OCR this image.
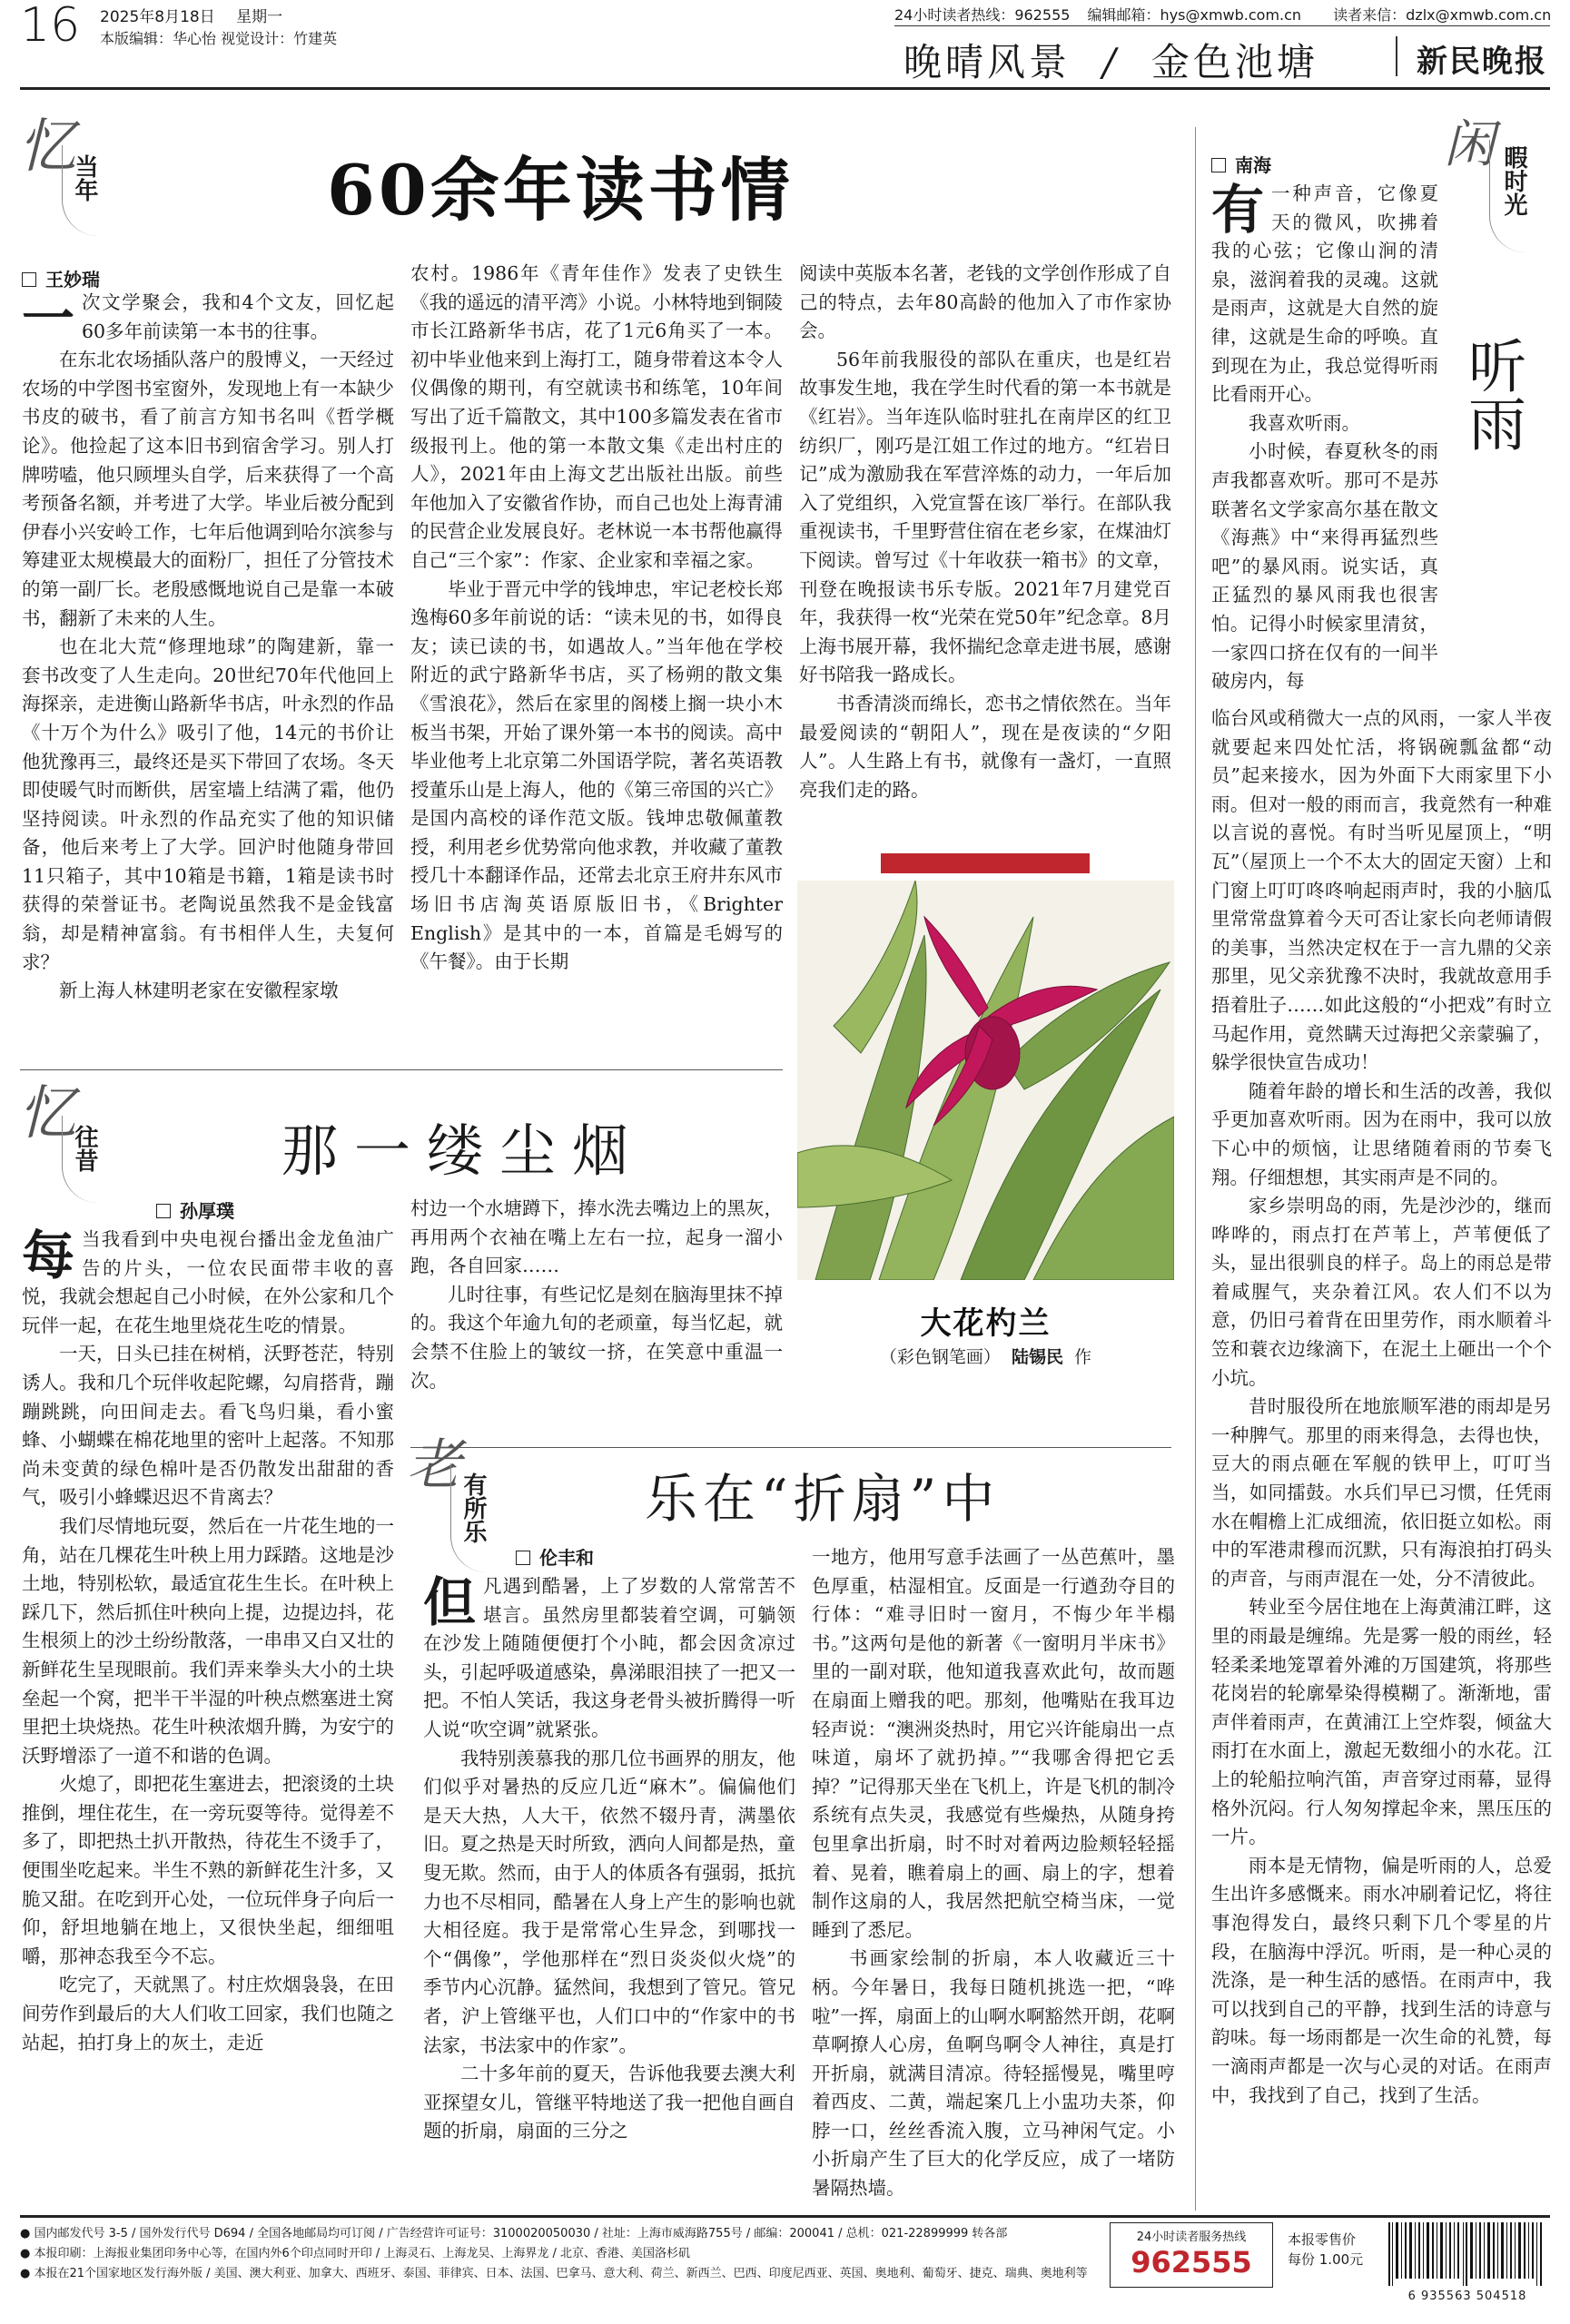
16 2025年8月18日 星期一
本版编辑：华心怡 视觉设计：竹建英
24小时读者热线：962555 编辑邮箱：hys@xmwb.com.cn 读者来信：dzlx@xmwb.com.cn
晚晴风景 / 金色池塘	新民晚报
忆
当年	60余年读书情
王妙瑞

一次文学聚会，我和4个文友，回忆起60多年前读第一本书的往事。

在东北农场插队落户的殷博义，一天经过农场的中学图书室窗外，发现地上有一本缺少书皮的破书，看了前言方知书名叫《哲学概论》。他捡起了这本旧书到宿舍学习。别人打牌唠嗑，他只顾埋头自学，后来获得了一个高考预备名额，并考进了大学。毕业后被分配到伊春小兴安岭工作，七年后他调到哈尔滨参与筹建亚太规模最大的面粉厂，担任了分管技术的第一副厂长。老殷感慨地说自己是靠一本破书，翻新了未来的人生。

也在北大荒“修理地球”的陶建新，靠一套书改变了人生走向。20世纪70年代他回上海探亲，走进衡山路新华书店，叶永烈的作品《十万个为什么》吸引了他，14元的书价让他犹豫再三，最终还是买下带回了农场。冬天即使暖气时而断供，居室墙上结满了霜，他仍坚持阅读。叶永烈的作品充实了他的知识储备，他后来考上了大学。回沪时他随身带回11只箱子，其中10箱是书籍，1箱是读书时获得的荣誉证书。老陶说虽然我不是金钱富翁，却是精神富翁。有书相伴人生，夫复何求？

新上海人林建明老家在安徽程家墩

农村。1986年《青年佳作》发表了史铁生《我的遥远的清平湾》小说。小林特地到铜陵市长江路新华书店，花了1元6角买了一本。初中毕业他来到上海打工，随身带着这本令人仪偶像的期刊，有空就读书和练笔，10年间写出了近千篇散文，其中100多篇发表在省市级报刊上。他的第一本散文集《走出村庄的人》，2021年由上海文艺出版社出版。前些年他加入了安徽省作协，而自己也处上海青浦的民营企业发展良好。老林说一本书帮他赢得自己“三个家”：作家、企业家和幸福之家。

毕业于晋元中学的钱坤忠，牢记老校长郑逸梅60多年前说的话：“读未见的书，如得良友；读已读的书，如遇故人。”当年他在学校附近的武宁路新华书店，买了杨朔的散文集《雪浪花》，然后在家里的阁楼上搁一块小木板当书架，开始了课外第一本书的阅读。高中毕业他考上北京第二外国语学院，著名英语教授董乐山是上海人，他的《第三帝国的兴亡》是国内高校的译作范文版。钱坤忠敬佩董教授，利用老乡优势常向他求教，并收藏了董教授几十本翻译作品，还常去北京王府井东风市场旧书店淘英语原版旧书，《Brighter English》是其中的一本，首篇是毛姆写的《午餐》。由于长期

阅读中英版本名著，老钱的文学创作形成了自己的特点，去年80高龄的他加入了市作家协会。

56年前我服役的部队在重庆，也是红岩故事发生地，我在学生时代看的第一本书就是《红岩》。当年连队临时驻扎在南岸区的红卫纺织厂，刚巧是江姐工作过的地方。“红岩日记”成为激励我在军营淬炼的动力，一年后加入了党组织，入党宣誓在该厂举行。在部队我重视读书，千里野营住宿在老乡家，在煤油灯下阅读。曾写过《十年收获一箱书》的文章，刊登在晚报读书乐专版。2021年7月建党百年，我获得一枚“光荣在党50年”纪念章。8月上海书展开幕，我怀揣纪念章走进书展，感谢好书陪我一路成长。

书香清淡而绵长，恋书之情依然在。当年最爱阅读的“朝阳人”，现在是夜读的“夕阳人”。人生路上有书，就像有一盏灯，一直照亮我们走的路。

大花杓兰
（彩色钢笔画） 陆锡民 作
忆
往昔	那一缕尘烟
孙厚璞

每当我看到中央电视台播出金龙鱼油广告的片头，一位农民面带丰收的喜悦，我就会想起自己小时候，在外公家和几个玩伴一起，在花生地里烧花生吃的情景。

一天，日头已挂在树梢，沃野苍茫，特别诱人。我和几个玩伴收起陀螺，勾肩搭背，蹦蹦跳跳，向田间走去。看飞鸟归巢，看小蜜蜂、小蝴蝶在棉花地里的密叶上起落。不知那尚未变黄的绿色棉叶是否仍散发出甜甜的香气，吸引小蜂蝶迟迟不肯离去？

我们尽情地玩耍，然后在一片花生地的一角，站在几棵花生叶秧上用力踩踏。这地是沙土地，特别松软，最适宜花生生长。在叶秧上踩几下，然后抓住叶秧向上提，边提边抖，花生根须上的沙土纷纷散落，一串串又白又壮的新鲜花生呈现眼前。我们弄来拳头大小的土块垒起一个窝，把半干半湿的叶秧点燃塞进土窝里把土块烧热。花生叶秧浓烟升腾，为安宁的沃野增添了一道不和谐的色调。

火熄了，即把花生塞进去，把滚烫的土块推倒，埋住花生，在一旁玩耍等待。觉得差不多了，即把热土扒开散热，待花生不烫手了，便围坐吃起来。半生不熟的新鲜花生汁多，又脆又甜。在吃到开心处，一位玩伴身子向后一仰，舒坦地躺在地上，又很快坐起，细细咀嚼，那神态我至今不忘。

吃完了，天就黑了。村庄炊烟袅袅，在田间劳作到最后的大人们收工回家，我们也随之站起，拍打身上的灰土，走近

村边一个水塘蹲下，捧水洗去嘴边上的黑灰，再用两个衣袖在嘴上左右一拉，起身一溜小跑，各自回家……

儿时往事，有些记忆是刻在脑海里抹不掉的。我这个年逾九旬的老顽童，每当忆起，就会禁不住脸上的皱纹一挤，在笑意中重温一次。

老
有所乐	乐在“折扇”中
伦丰和

但凡遇到酷暑，上了岁数的人常常苦不堪言。虽然房里都装着空调，可躺领在沙发上随随便便打个小盹，都会因贪凉过头，引起呼吸道感染，鼻涕眼泪挟了一把又一把。不怕人笑话，我这身老骨头被折腾得一听人说“吹空调”就紧张。

我特别羡慕我的那几位书画界的朋友，他们似乎对暑热的反应几近“麻木”。偏偏他们是天大热，人大干，依然不辍丹青，满墨依旧。夏之热是天时所致，洒向人间都是热，童叟无欺。然而，由于人的体质各有强弱，抵抗力也不尽相同，酷暑在人身上产生的影响也就大相径庭。我于是常常心生异念，到哪找一个“偶像”，学他那样在“烈日炎炎似火烧”的季节内心沉静。猛然间，我想到了管兄。管兄者，沪上管继平也，人们口中的“作家中的书法家，书法家中的作家”。

二十多年前的夏天，告诉他我要去澳大利亚探望女儿，管继平特地送了我一把他自画自题的折扇，扇面的三分之

一地方，他用写意手法画了一丛芭蕉叶，墨色厚重，枯湿相宜。反面是一行遒劲夺目的行体：“难寻旧时一窗月，不悔少年半榻书。”这两句是他的新著《一窗明月半床书》里的一副对联，他知道我喜欢此句，故而题在扇面上赠我的吧。那刻，他嘴贴在我耳边轻声说：“澳洲炎热时，用它兴许能扇出一点味道，扇坏了就扔掉。”“我哪舍得把它丢掉？”记得那天坐在飞机上，许是飞机的制冷系统有点失灵，我感觉有些燥热，从随身挎包里拿出折扇，时不时对着两边脸颊轻轻摇着、晃着，瞧着扇上的画、扇上的字，想着制作这扇的人，我居然把航空椅当床，一觉睡到了悉尼。

书画家绘制的折扇，本人收藏近三十柄。今年暑日，我每日随机挑选一把，“哗啦”一挥，扇面上的山啊水啊豁然开朗，花啊草啊撩人心房，鱼啊鸟啊令人神往，真是打开折扇，就满目清凉。待轻摇慢晃，嘴里哼着西皮、二黄，端起案几上小盅功夫茶，仰脖一口，丝丝香流入腹，立马神闲气定。小小折扇产生了巨大的化学反应，成了一堵防暑隔热墙。

南海	闲
暇时光
听雨

有一种声音，它像夏天的微风，吹拂着我的心弦；它像山涧的清泉，滋润着我的灵魂。这就是雨声，这就是大自然的旋律，这就是生命的呼唤。直到现在为止，我总觉得听雨比看雨开心。

我喜欢听雨。

小时候，春夏秋冬的雨声我都喜欢听。那可不是苏联著名文学家高尔基在散文《海燕》中“来得再猛烈些吧”的暴风雨。说实话，真正猛烈的暴风雨我也很害怕。记得小时候家里清贫，一家四口挤在仅有的一间半破房内，每

临台风或稍微大一点的风雨，一家人半夜就要起来四处忙活，将锅碗瓢盆都“动员”起来接水，因为外面下大雨家里下小雨。但对一般的雨而言，我竟然有一种难以言说的喜悦。有时当听见屋顶上，“明瓦”（屋顶上一个不太大的固定天窗）上和门窗上叮叮咚咚响起雨声时，我的小脑瓜里常常盘算着今天可否让家长向老师请假的美事，当然决定权在于一言九鼎的父亲那里，见父亲犹豫不决时，我就故意用手捂着肚子……如此这般的“小把戏”有时立马起作用，竟然瞒天过海把父亲蒙骗了，躲学很快宣告成功！

随着年龄的增长和生活的改善，我似乎更加喜欢听雨。因为在雨中，我可以放下心中的烦恼，让思绪随着雨的节奏飞翔。仔细想想，其实雨声是不同的。

家乡崇明岛的雨，先是沙沙的，继而哗哗的，雨点打在芦苇上，芦苇便低了头，显出很驯良的样子。岛上的雨总是带着咸腥气，夹杂着江风。农人们不以为意，仍旧弓着背在田里劳作，雨水顺着斗笠和蓑衣边缘滴下，在泥土上砸出一个个小坑。

昔时服役所在地旅顺军港的雨却是另一种脾气。那里的雨来得急，去得也快，豆大的雨点砸在军舰的铁甲上，叮叮当当，如同擂鼓。水兵们早已习惯，任凭雨水在帽檐上汇成细流，依旧挺立如松。雨中的军港肃穆而沉默，只有海浪拍打码头的声音，与雨声混在一处，分不清彼此。

转业至今居住地在上海黄浦江畔，这里的雨最是缠绵。先是雾一般的雨丝，轻轻柔柔地笼罩着外滩的万国建筑，将那些花岗岩的轮廓晕染得模糊了。渐渐地，雷声伴着雨声，在黄浦江上空炸裂，倾盆大雨打在水面上，激起无数细小的水花。江上的轮船拉响汽笛，声音穿过雨幕，显得格外沉闷。行人匆匆撑起伞来，黑压压的一片。

雨本是无情物，偏是听雨的人，总爱生出许多感慨来。雨水冲刷着记忆，将往事泡得发白，最终只剩下几个零星的片段，在脑海中浮沉。听雨，是一种心灵的洗涤，是一种生活的感悟。在雨声中，我可以找到自己的平静，找到生活的诗意与韵味。每一场雨都是一次生命的礼赞，每一滴雨声都是一次与心灵的对话。在雨声中，我找到了自己，找到了生活。

● 国内邮发代号 3-5 / 国外发行代号 D694 / 全国各地邮局均可订阅 / 广告经营许可证号：3100020050030 / 社址：上海市威海路755号 / 邮编：200041 / 总机：021-22899999 转各部
● 本报印刷：上海报业集团印务中心等，在国内外6个印点同时开印 / 上海灵石、上海龙吴、上海界龙 / 北京、香港、美国洛杉矶
● 本报在21个国家地区发行海外版 / 美国、澳大利亚、加拿大、西班牙、泰国、菲律宾、日本、法国、巴拿马、意大利、荷兰、新西兰、巴西、印度尼西亚、英国、奥地利、葡萄牙、捷克、瑞典、奥地利等
24小时读者服务热线
962555
本报零售价
每份 1.00元
6 935563 504518
